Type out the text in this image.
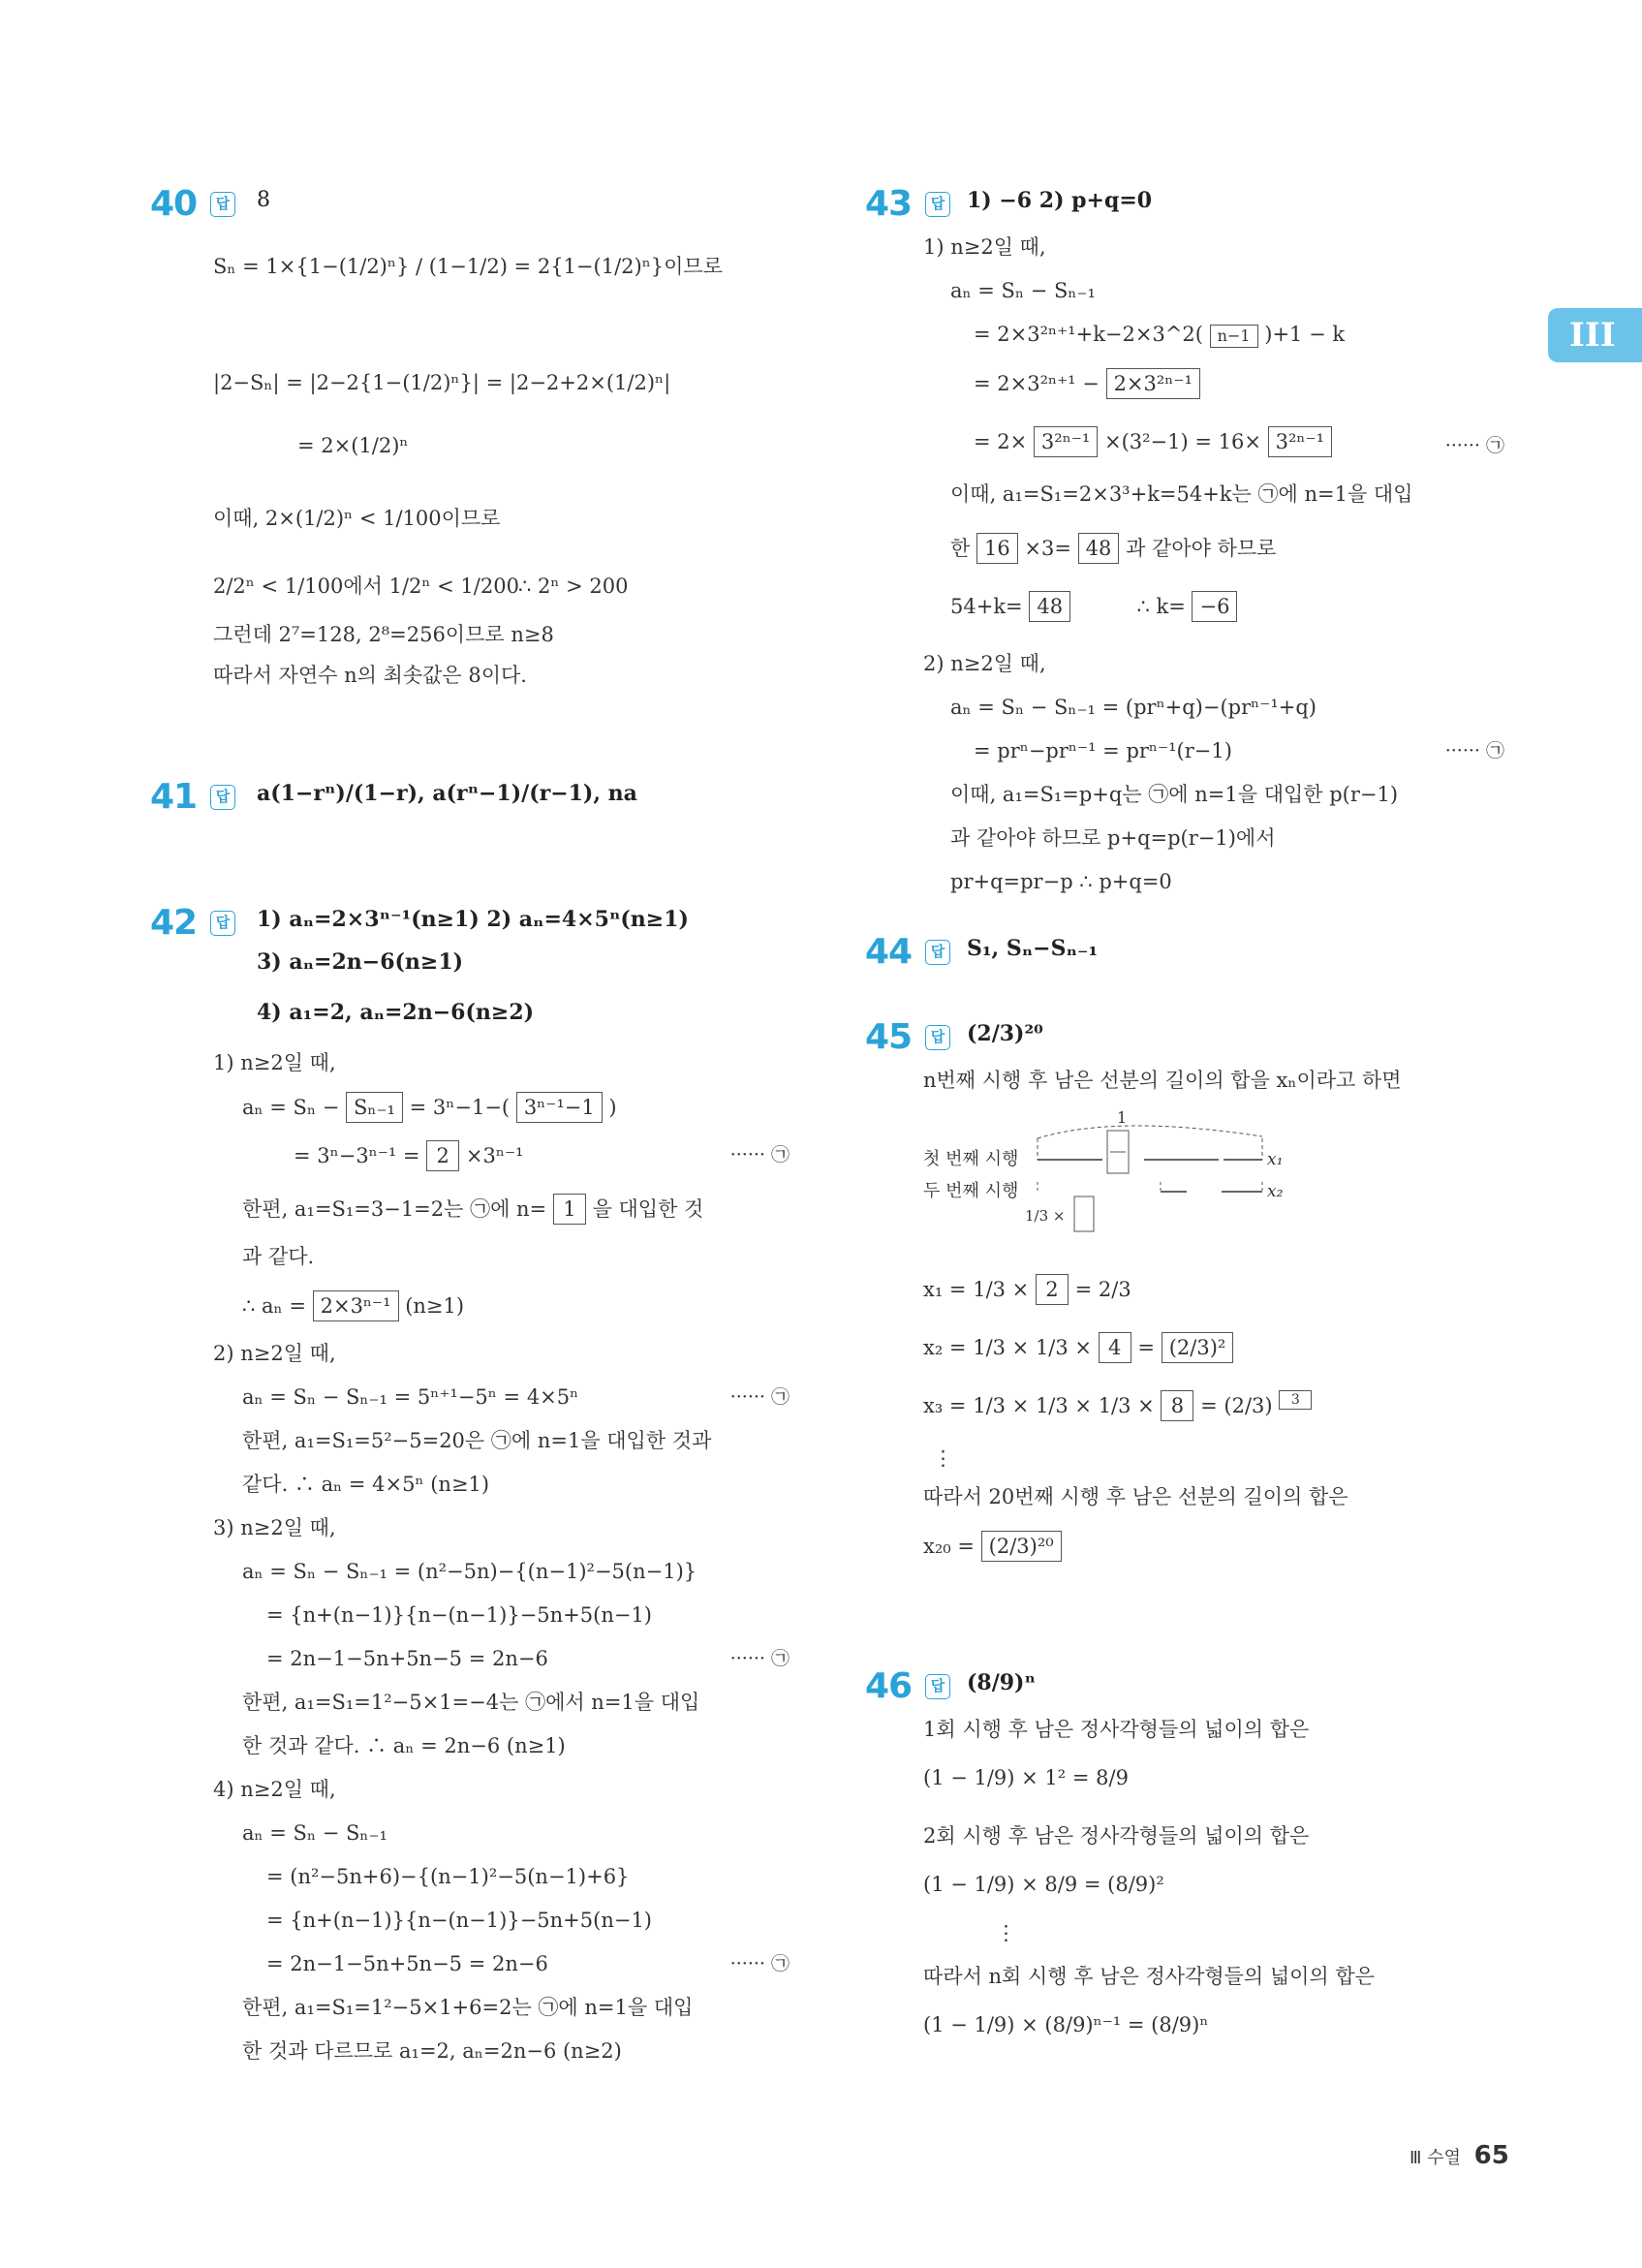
III
40	답 8
Sₙ = 1×{1−(1/2)ⁿ} / (1−1/2) = 2{1−(1/2)ⁿ}이므로
|2−Sₙ| = |2−2{1−(1/2)ⁿ}| = |2−2+2×(1/2)ⁿ|
= 2×(1/2)ⁿ
이때, 2×(1/2)ⁿ < 1/100이므로
2/2ⁿ < 1/100에서 1/2ⁿ < 1/200 ∴ 2ⁿ > 200
그런데 2⁷=128, 2⁸=256이므로 n≥8
따라서 자연수 n의 최솟값은 8이다.
41	답 a(1−rⁿ)/(1−r), a(rⁿ−1)/(r−1), na
42	답 1) aₙ=2×3ⁿ⁻¹(n≥1) 2) aₙ=4×5ⁿ(n≥1)
3) aₙ=2n−6(n≥1)
4) a₁=2, aₙ=2n−6(n≥2)
1) n≥2일 때,
aₙ = Sₙ − Sₙ₋₁ = 3ⁿ−1−( 3ⁿ⁻¹−1 )
= 3ⁿ−3ⁿ⁻¹ = 2 ×3ⁿ⁻¹	······ ㉠
한편, a₁=S₁=3−1=2는 ㉠에 n= 1 을 대입한 것
과 같다.
∴ aₙ = 2×3ⁿ⁻¹ (n≥1)
2) n≥2일 때,
aₙ = Sₙ − Sₙ₋₁ = 5ⁿ⁺¹−5ⁿ = 4×5ⁿ	······ ㉠
한편, a₁=S₁=5²−5=20은 ㉠에 n=1을 대입한 것과
같다. ∴ aₙ = 4×5ⁿ (n≥1)
3) n≥2일 때,
aₙ = Sₙ − Sₙ₋₁ = (n²−5n)−{(n−1)²−5(n−1)}
= {n+(n−1)}{n−(n−1)}−5n+5(n−1)
= 2n−1−5n+5n−5 = 2n−6	······ ㉠
한편, a₁=S₁=1²−5×1=−4는 ㉠에서 n=1을 대입
한 것과 같다. ∴ aₙ = 2n−6 (n≥1)
4) n≥2일 때,
aₙ = Sₙ − Sₙ₋₁
= (n²−5n+6)−{(n−1)²−5(n−1)+6}
= {n+(n−1)}{n−(n−1)}−5n+5(n−1)
= 2n−1−5n+5n−5 = 2n−6	······ ㉠
한편, a₁=S₁=1²−5×1+6=2는 ㉠에 n=1을 대입
한 것과 다르므로 a₁=2, aₙ=2n−6 (n≥2)
43	답 1) −6 2) p+q=0
1) n≥2일 때,
aₙ = Sₙ − Sₙ₋₁
= 2×3²ⁿ⁺¹+k−2×3^2( n−1 )+1 − k
= 2×3²ⁿ⁺¹ − 2×3²ⁿ⁻¹
= 2× 3²ⁿ⁻¹ ×(3²−1) = 16× 3²ⁿ⁻¹	······ ㉠
이때, a₁=S₁=2×3³+k=54+k는 ㉠에 n=1을 대입
한 16 ×3= 48 과 같아야 하므로
54+k= 48	∴ k= −6
2) n≥2일 때,
aₙ = Sₙ − Sₙ₋₁ = (prⁿ+q)−(prⁿ⁻¹+q)
= prⁿ−prⁿ⁻¹ = prⁿ⁻¹(r−1)	······ ㉠
이때, a₁=S₁=p+q는 ㉠에 n=1을 대입한 p(r−1)
과 같아야 하므로 p+q=p(r−1)에서
pr+q=pr−p ∴ p+q=0
44	답 S₁, Sₙ−Sₙ₋₁
45	답 (2/3)²⁰
n번째 시행 후 남은 선분의 길이의 합을 xₙ이라고 하면
1
첫 번째 시행
두 번째 시행
x₁
x₂
1/3 ×
x₁ = 1/3 × 2 = 2/3
x₂ = 1/3 × 1/3 × 4 = (2/3)²
x₃ = 1/3 × 1/3 × 1/3 × 8 = (2/3) 3
⋮
따라서 20번째 시행 후 남은 선분의 길이의 합은
x₂₀ = (2/3)²⁰
46	답 (8/9)ⁿ
1회 시행 후 남은 정사각형들의 넓이의 합은
(1 − 1/9) × 1² = 8/9
2회 시행 후 남은 정사각형들의 넓이의 합은
(1 − 1/9) × 8/9 = (8/9)²
⋮
따라서 n회 시행 후 남은 정사각형들의 넓이의 합은
(1 − 1/9) × (8/9)ⁿ⁻¹ = (8/9)ⁿ
Ⅲ 수열 65
